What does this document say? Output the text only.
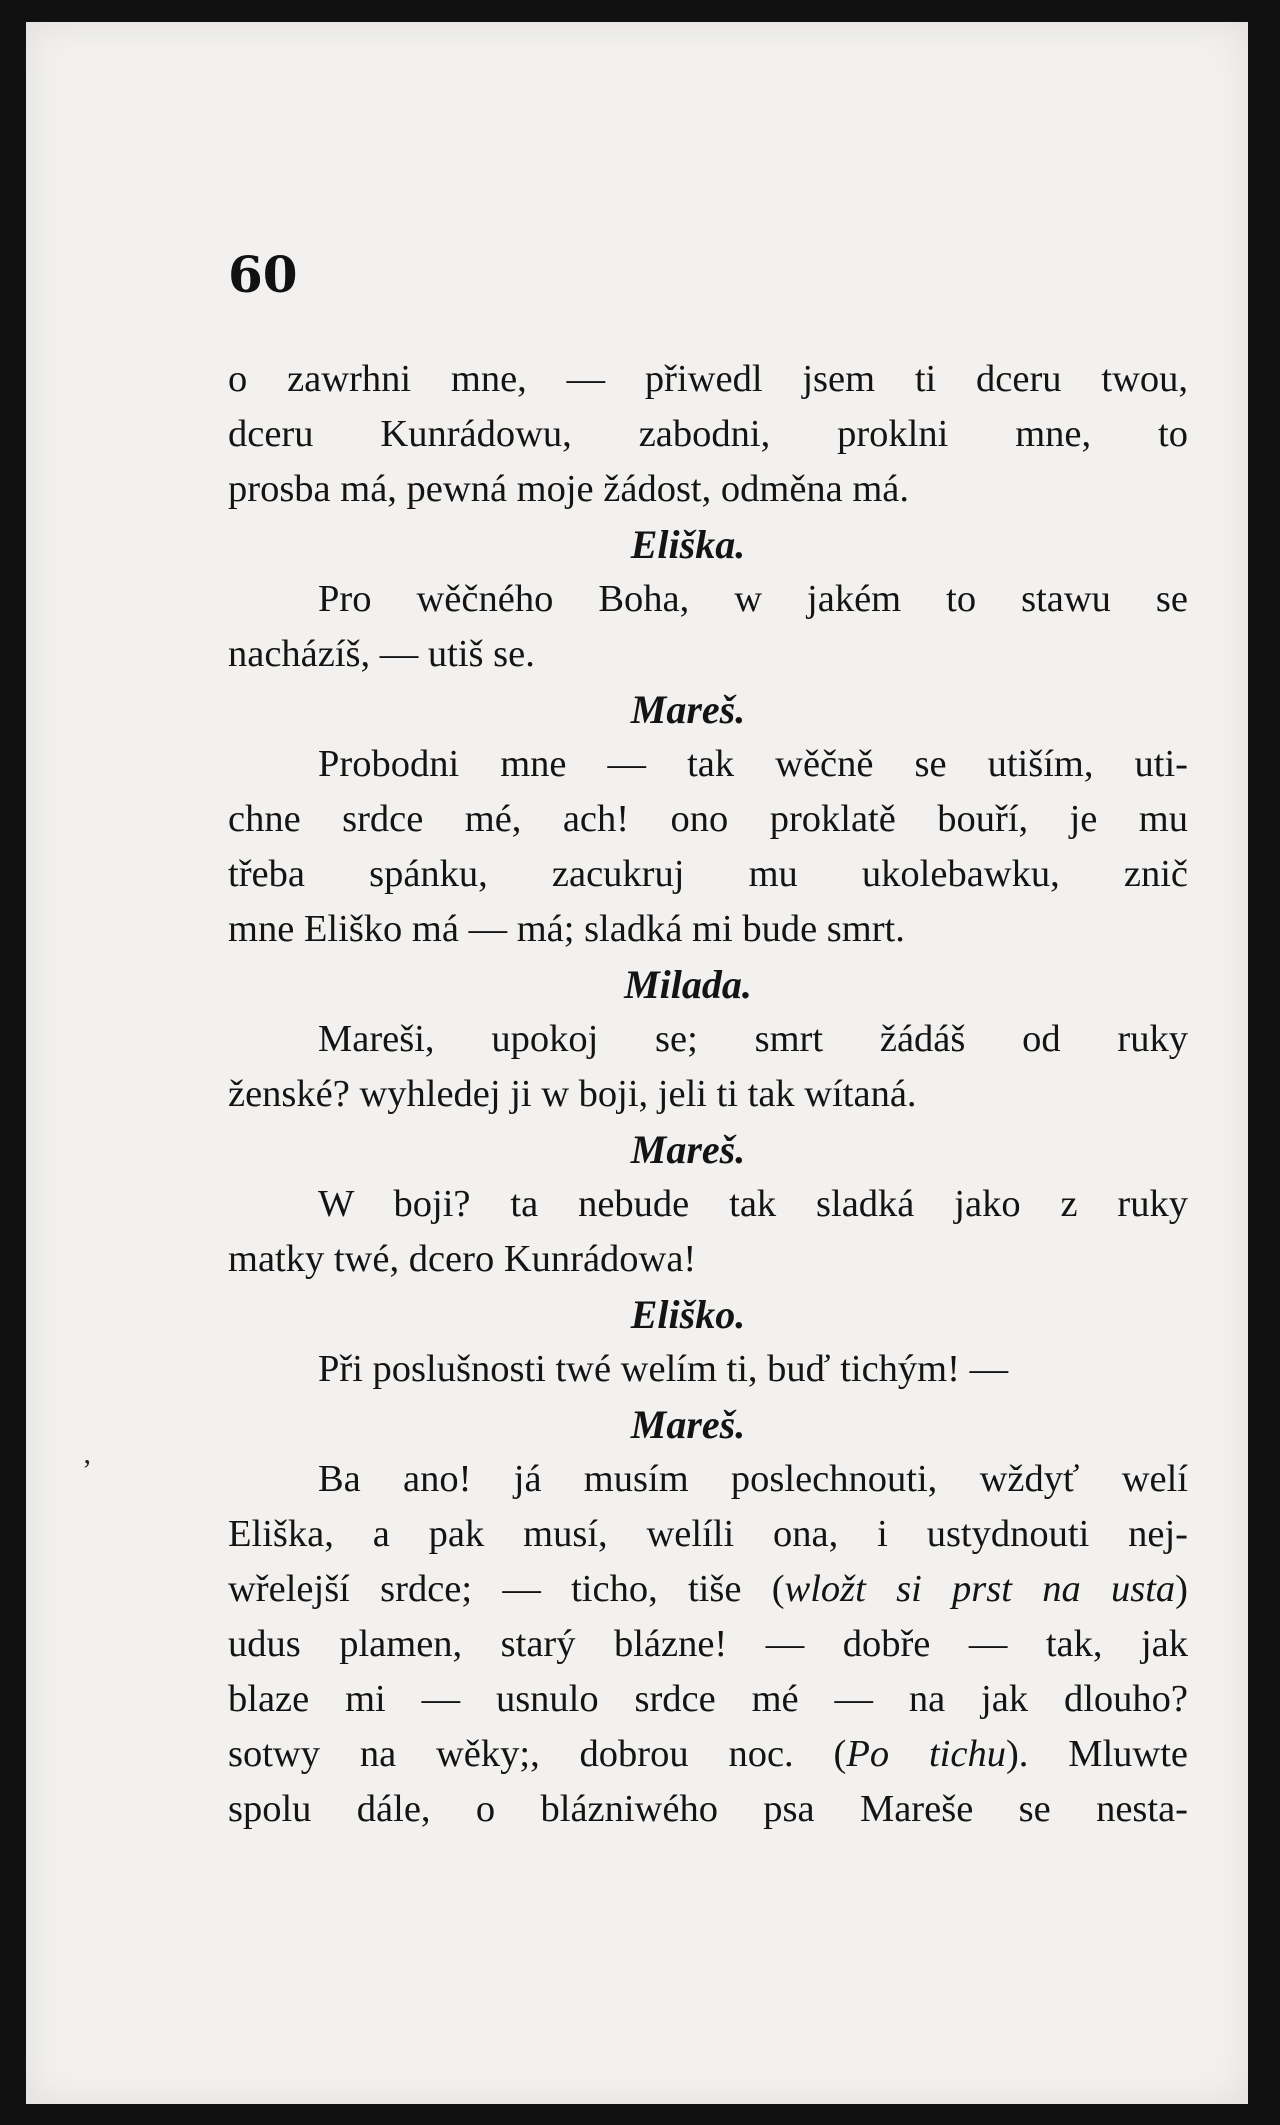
60
ʼ
o zawrhni mne, — přiwedl jsem ti dceru twou,
dceru Kunrádowu, zabodni, proklni mne, to
prosba má, pewná moje žádost, odměna má.
Eliška.
Pro wěčného Boha, w jakém to stawu se
nacházíš, — utiš se.
Mareš.
Probodni mne — tak wěčně se utiším, uti-
chne srdce mé, ach! ono proklatě bouří, je mu
třeba spánku, zacukruj mu ukolebawku, znič
mne Eliško má — má; sladká mi bude smrt.
Milada.
Mareši, upokoj se; smrt žádáš od ruky
ženské? wyhledej ji w boji, jeli ti tak wítaná.
Mareš.
W boji? ta nebude tak sladká jako z ruky
matky twé, dcero Kunrádowa!
Eliško.
Při poslušnosti twé welím ti, buď tichým! —
Mareš.
Ba ano! já musím poslechnouti, wždyť welí
Eliška, a pak musí, welíli ona, i ustydnouti nej-
wřelejší srdce; — ticho, tiše (wložt si prst na usta)
udus plamen, starý blázne! — dobře — tak, jak
blaze mi — usnulo srdce mé — na jak dlouho?
sotwy na wěky;, dobrou noc. (Po tichu). Mluwte
spolu dále, o blázniwého psa Mareše se nesta-
